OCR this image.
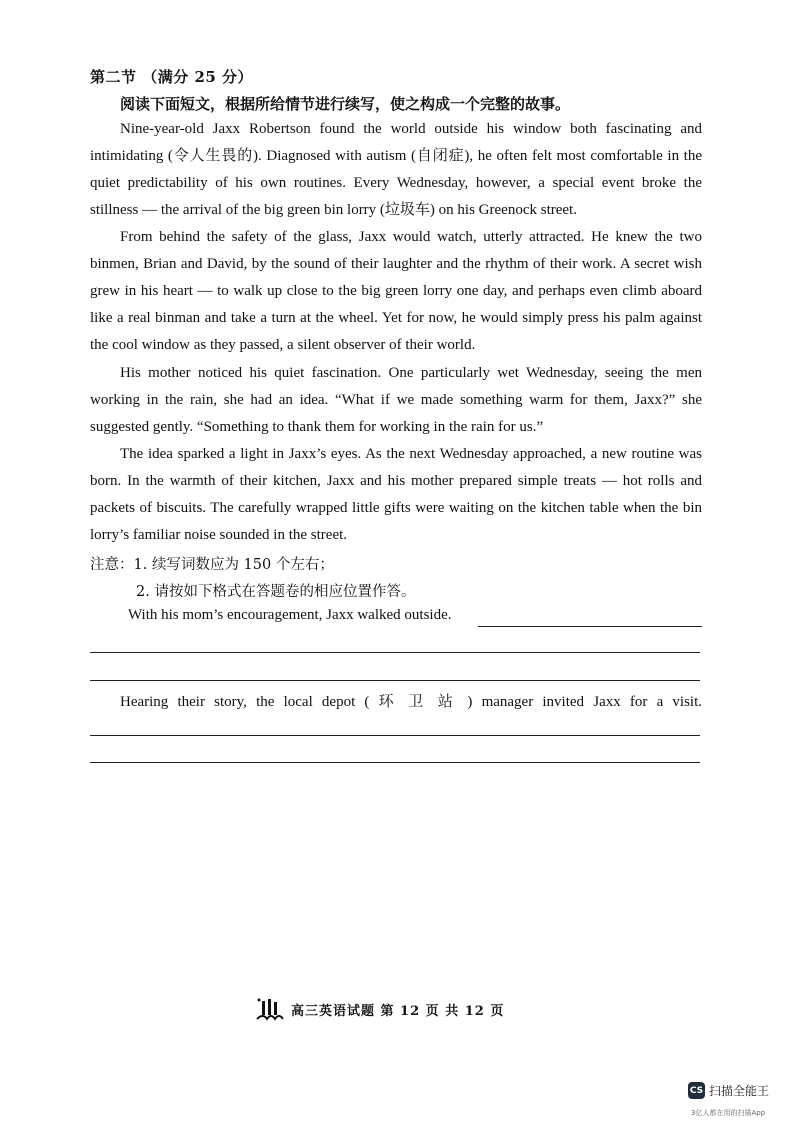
第二节 （满分 25 分）
阅读下面短文，根据所给情节进行续写，使之构成一个完整的故事。
Nine-year-old Jaxx Robertson found the world outside his window both fascinating and intimidating (令人生畏的). Diagnosed with autism (自闭症), he often felt most comfortable in the quiet predictability of his own routines. Every Wednesday, however, a special event broke the stillness — the arrival of the big green bin lorry (垃圾车) on his Greenock street.
From behind the safety of the glass, Jaxx would watch, utterly attracted. He knew the two binmen, Brian and David, by the sound of their laughter and the rhythm of their work. A secret wish grew in his heart — to walk up close to the big green lorry one day, and perhaps even climb aboard like a real binman and take a turn at the wheel. Yet for now, he would simply press his palm against the cool window as they passed, a silent observer of their world.
His mother noticed his quiet fascination. One particularly wet Wednesday, seeing the men working in the rain, she had an idea. “What if we made something warm for them, Jaxx?” she suggested gently. “Something to thank them for working in the rain for us.”
The idea sparked a light in Jaxx’s eyes. As the next Wednesday approached, a new routine was born. In the warmth of their kitchen, Jaxx and his mother prepared simple treats — hot rolls and packets of biscuits. The carefully wrapped little gifts were waiting on the kitchen table when the bin lorry’s familiar noise sounded in the street.
注意：1. 续写词数应为 150 个左右；
2. 请按如下格式在答题卷的相应位置作答。
With his mom’s encouragement, Jaxx walked outside.
Hearing their story, the local depot ( 环 卫 站 ) manager invited Jaxx for a visit.
高三英语试题 第 12 页 共 12 页
CS 扫描全能王
3亿人都在用的扫描App
